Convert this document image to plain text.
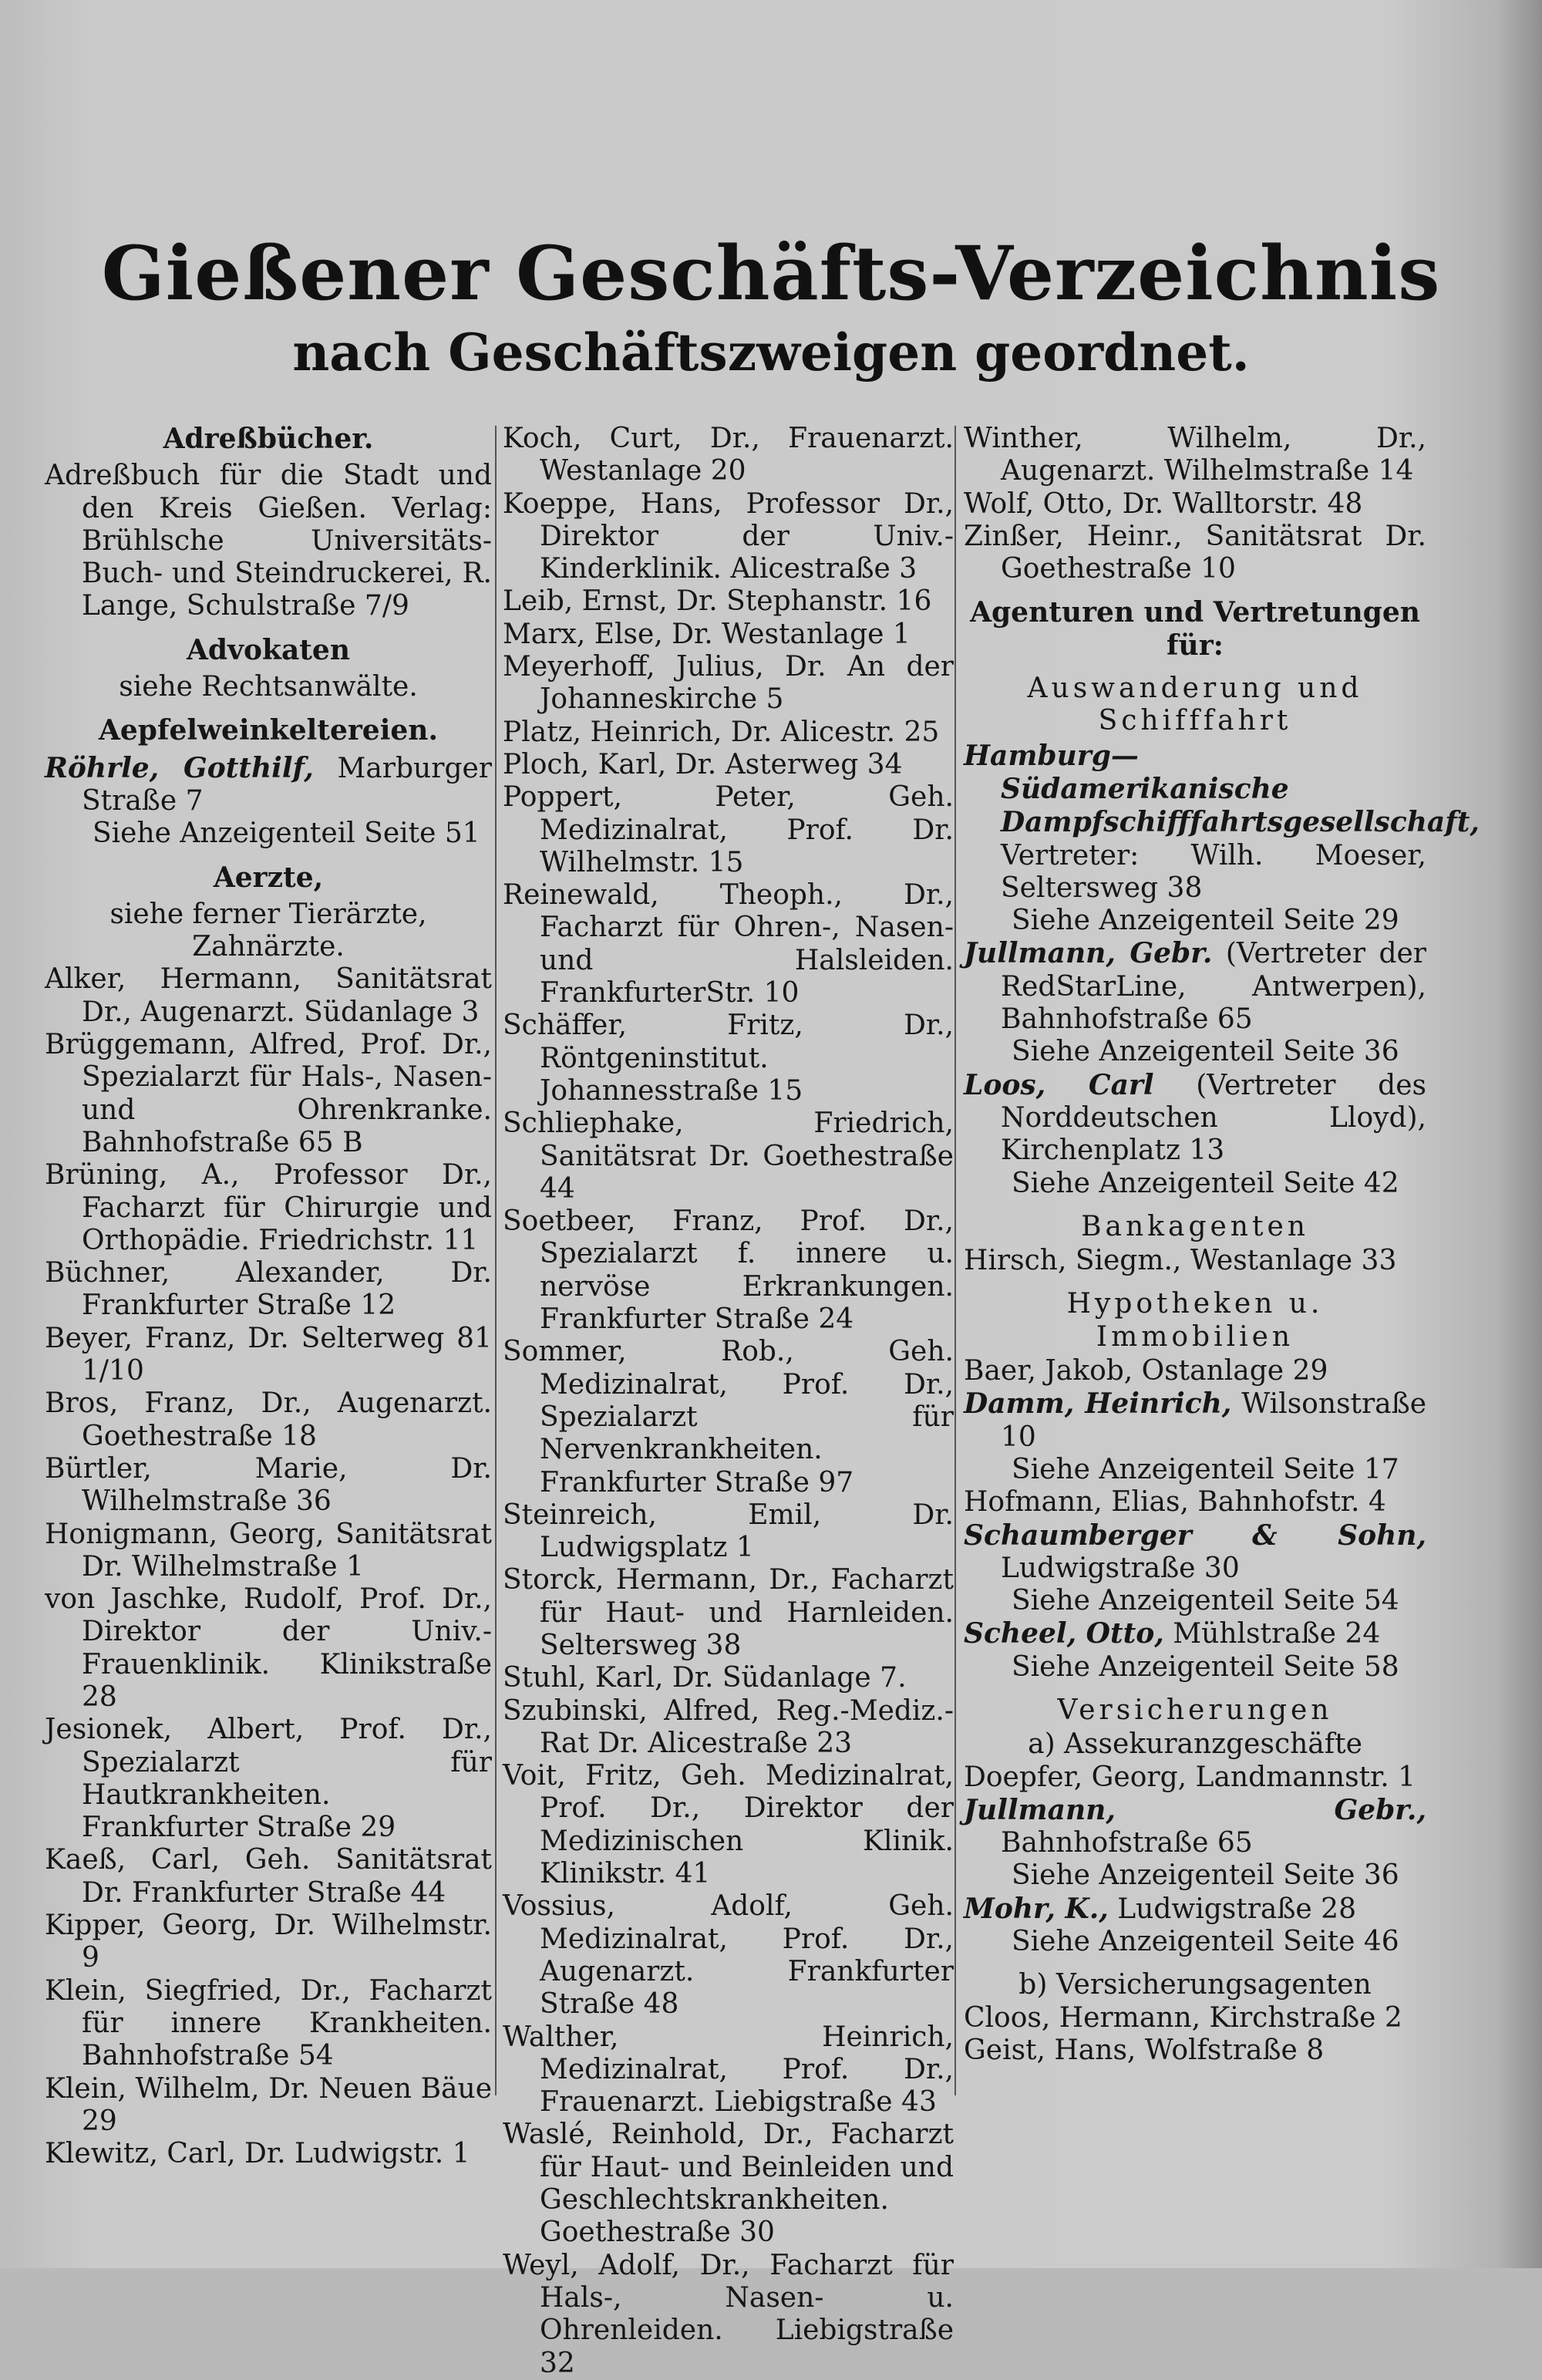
Gießener Geschäfts-Verzeichnis
nach Geschäftszweigen geordnet.
Adreßbücher.
Adreßbuch für die Stadt und den Kreis Gießen. Verlag: Brühlsche Universitäts-Buch- und Steindruckerei, R. Lange, Schulstraße 7/9
Advokaten
siehe Rechtsanwälte.
Aepfelweinkeltereien.
Röhrle, Gotthilf, Marburger Straße 7
Siehe Anzeigenteil Seite 51
Aerzte,
siehe ferner Tierärzte, Zahnärzte.
Alker, Hermann, Sanitätsrat Dr., Augenarzt. Südanlage 3
Brüggemann, Alfred, Prof. Dr., Spezialarzt für Hals-, Nasen- und Ohrenkranke. Bahnhofstraße 65 B
Brüning, A., Professor Dr., Facharzt für Chirurgie und Orthopädie. Friedrichstr. 11
Büchner, Alexander, Dr. Frankfurter Straße 12
Beyer, Franz, Dr. Selterweg 81 1/10
Bros, Franz, Dr., Augenarzt. Goethestraße 18
Bürtler, Marie, Dr. Wilhelmstraße 36
Honigmann, Georg, Sanitätsrat Dr. Wilhelmstraße 1
von Jaschke, Rudolf, Prof. Dr., Direktor der Univ.-Frauenklinik. Klinikstraße 28
Jesionek, Albert, Prof. Dr., Spezialarzt für Hautkrankheiten. Frankfurter Straße 29
Kaeß, Carl, Geh. Sanitätsrat Dr. Frankfurter Straße 44
Kipper, Georg, Dr. Wilhelmstr. 9
Klein, Siegfried, Dr., Facharzt für innere Krankheiten. Bahnhofstraße 54
Klein, Wilhelm, Dr. Neuen Bäue 29
Klewitz, Carl, Dr. Ludwigstr. 1
Koch, Curt, Dr., Frauenarzt. Westanlage 20
Koeppe, Hans, Professor Dr., Direktor der Univ.-Kinderklinik. Alicestraße 3
Leib, Ernst, Dr. Stephanstr. 16
Marx, Else, Dr. Westanlage 1
Meyerhoff, Julius, Dr. An der Johanneskirche 5
Platz, Heinrich, Dr. Alicestr. 25
Ploch, Karl, Dr. Asterweg 34
Poppert, Peter, Geh. Medizinalrat, Prof. Dr. Wilhelmstr. 15
Reinewald, Theoph., Dr., Facharzt für Ohren-, Nasen- und Halsleiden. FrankfurterStr. 10
Schäffer, Fritz, Dr., Röntgeninstitut. Johannesstraße 15
Schliephake, Friedrich, Sanitätsrat Dr. Goethestraße 44
Soetbeer, Franz, Prof. Dr., Spezialarzt f. innere u. nervöse Erkrankungen. Frankfurter Straße 24
Sommer, Rob., Geh. Medizinalrat, Prof. Dr., Spezialarzt für Nervenkrankheiten. Frankfurter Straße 97
Steinreich, Emil, Dr. Ludwigsplatz 1
Storck, Hermann, Dr., Facharzt für Haut- und Harnleiden. Seltersweg 38
Stuhl, Karl, Dr. Südanlage 7.
Szubinski, Alfred, Reg.-Mediz.-Rat Dr. Alicestraße 23
Voit, Fritz, Geh. Medizinalrat, Prof. Dr., Direktor der Medizinischen Klinik. Klinikstr. 41
Vossius, Adolf, Geh. Medizinalrat, Prof. Dr., Augenarzt. Frankfurter Straße 48
Walther, Heinrich, Medizinalrat, Prof. Dr., Frauenarzt. Liebigstraße 43
Waslé, Reinhold, Dr., Facharzt für Haut- und Beinleiden und Geschlechtskrankheiten. Goethestraße 30
Weyl, Adolf, Dr., Facharzt für Hals-, Nasen- u. Ohrenleiden. Liebigstraße 32
Winther, Wilhelm, Dr., Augenarzt. Wilhelmstraße 14
Wolf, Otto, Dr. Walltorstr. 48
Zinßer, Heinr., Sanitätsrat Dr. Goethestraße 10
Agenturen und Vertretungen für:
Auswanderung und Schifffahrt
Hamburg—Südamerikanische Dampfschifffahrtsgesellschaft, Vertreter: Wilh. Moeser, Seltersweg 38
Siehe Anzeigenteil Seite 29
Jullmann, Gebr. (Vertreter der RedStarLine, Antwerpen), Bahnhofstraße 65
Siehe Anzeigenteil Seite 36
Loos, Carl (Vertreter des Norddeutschen Lloyd), Kirchenplatz 13
Siehe Anzeigenteil Seite 42
Bankagenten
Hirsch, Siegm., Westanlage 33
Hypotheken u. Immobilien
Baer, Jakob, Ostanlage 29
Damm, Heinrich, Wilsonstraße 10
Siehe Anzeigenteil Seite 17
Hofmann, Elias, Bahnhofstr. 4
Schaumberger & Sohn, Ludwigstraße 30
Siehe Anzeigenteil Seite 54
Scheel, Otto, Mühlstraße 24
Siehe Anzeigenteil Seite 58
Versicherungen
a) Assekuranzgeschäfte
Doepfer, Georg, Landmannstr. 1
Jullmann, Gebr., Bahnhofstraße 65
Siehe Anzeigenteil Seite 36
Mohr, K., Ludwigstraße 28
Siehe Anzeigenteil Seite 46
b) Versicherungsagenten
Cloos, Hermann, Kirchstraße 2
Geist, Hans, Wolfstraße 8
